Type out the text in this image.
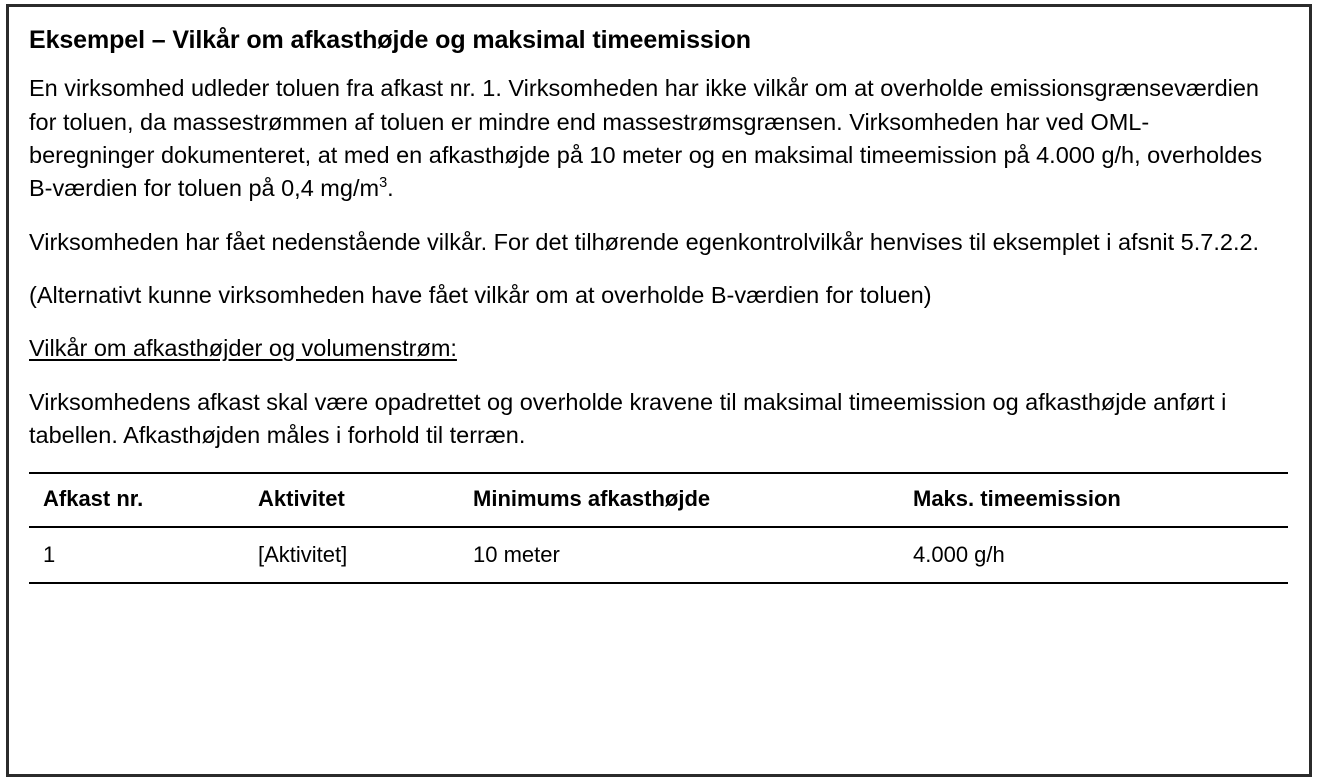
Eksempel – Vilkår om afkasthøjde og maksimal timeemission

En virksomhed udleder toluen fra afkast nr. 1. Virksomheden har ikke vilkår om at overholde emissionsgrænseværdien for toluen, da massestrømmen af toluen er mindre end massestrømsgrænsen. Virksomheden har ved OML-beregninger dokumenteret, at med en afkasthøjde på 10 meter og en maksimal timeemission på 4.000 g/h, overholdes B-værdien for toluen på 0,4 $mg/m^3$.

Virksomheden har fået nedenstående vilkår. For det tilhørende egenkontrolvilkår henvises til eksemplet i afsnit 5.7.2.2.

(Alternativt kunne virksomheden have fået vilkår om at overholde B-værdien for toluen)

Vilkår om afkasthøjder og volumenstrøm:

Virksomhedens afkast skal være opadrettet og overholde kravene til maksimal timeemission og afkasthøjde anført i tabellen. Afkasthøjden måles i forhold til terræn.

Afkast nr.	Aktivitet	Minimums afkasthøjde	Maks. timeemission
1	[Aktivitet]	10 meter	4.000 g/h
